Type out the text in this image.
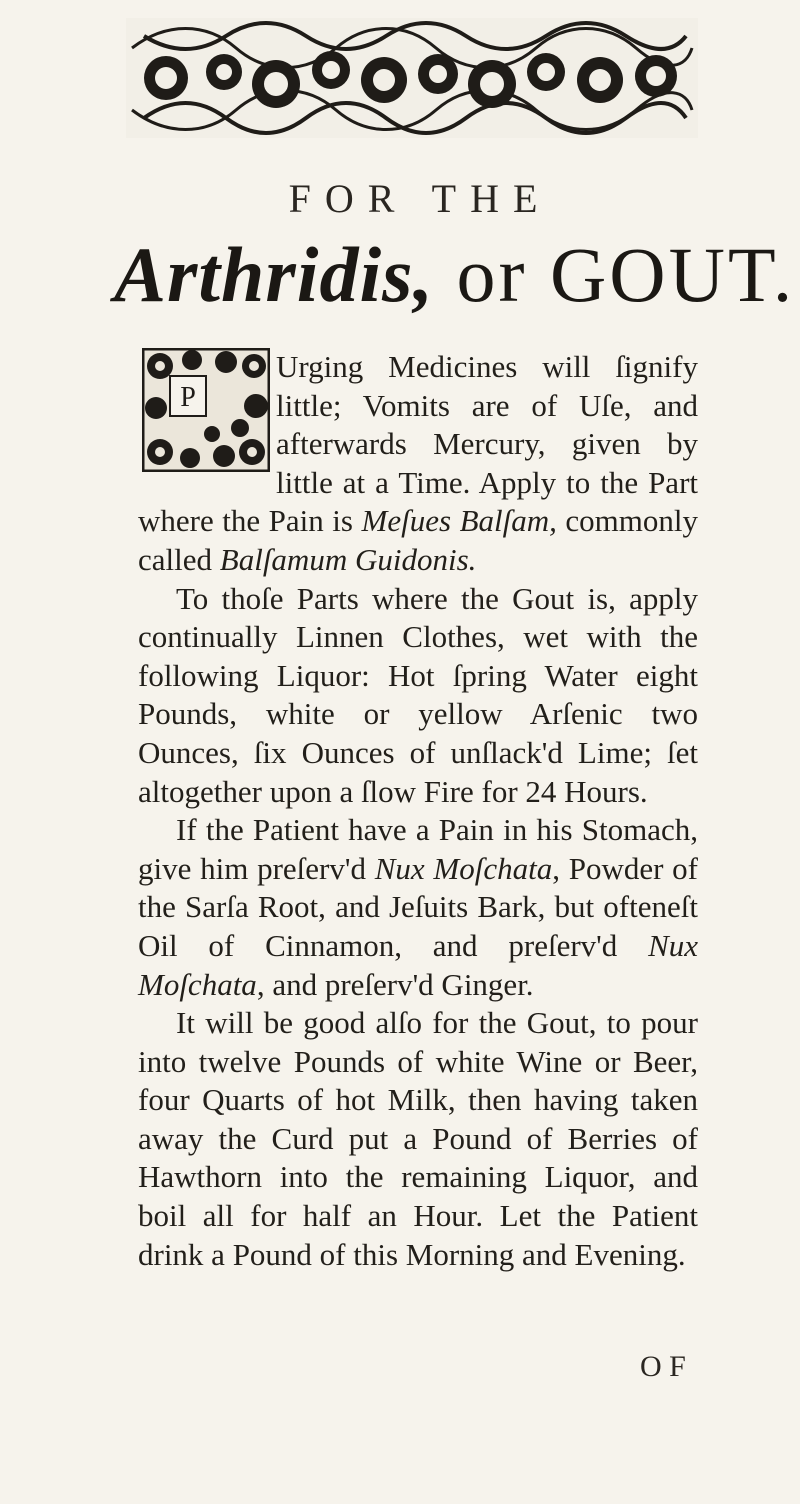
FOR THE
Arthridis, or GOUT.
P

Urging Medicines will ſignify little; Vomits are of Uſe, and afterwards Mercury, given by little at a Time. Apply to the Part where the Pain is Meſues Balſam, commonly called Balſamum Guidonis.

To thoſe Parts where the Gout is, apply continually Linnen Clothes, wet with the following Liquor: Hot ſpring Water eight Pounds, white or yellow Arſenic two Ounces, ſix Ounces of unſlack'd Lime; ſet altogether upon a ſlow Fire for 24 Hours.

If the Patient have a Pain in his Stomach, give him preſerv'd Nux Moſchata, Powder of the Sarſa Root, and Jeſuits Bark, but ofteneſt Oil of Cinnamon, and preſerv'd Nux Moſchata, and preſerv'd Ginger.

It will be good alſo for the Gout, to pour into twelve Pounds of white Wine or Beer, four Quarts of hot Milk, then having taken away the Curd put a Pound of Berries of Hawthorn into the remaining Liquor, and boil all for half an Hour. Let the Patient drink a Pound of this Morning and Evening.

O F
